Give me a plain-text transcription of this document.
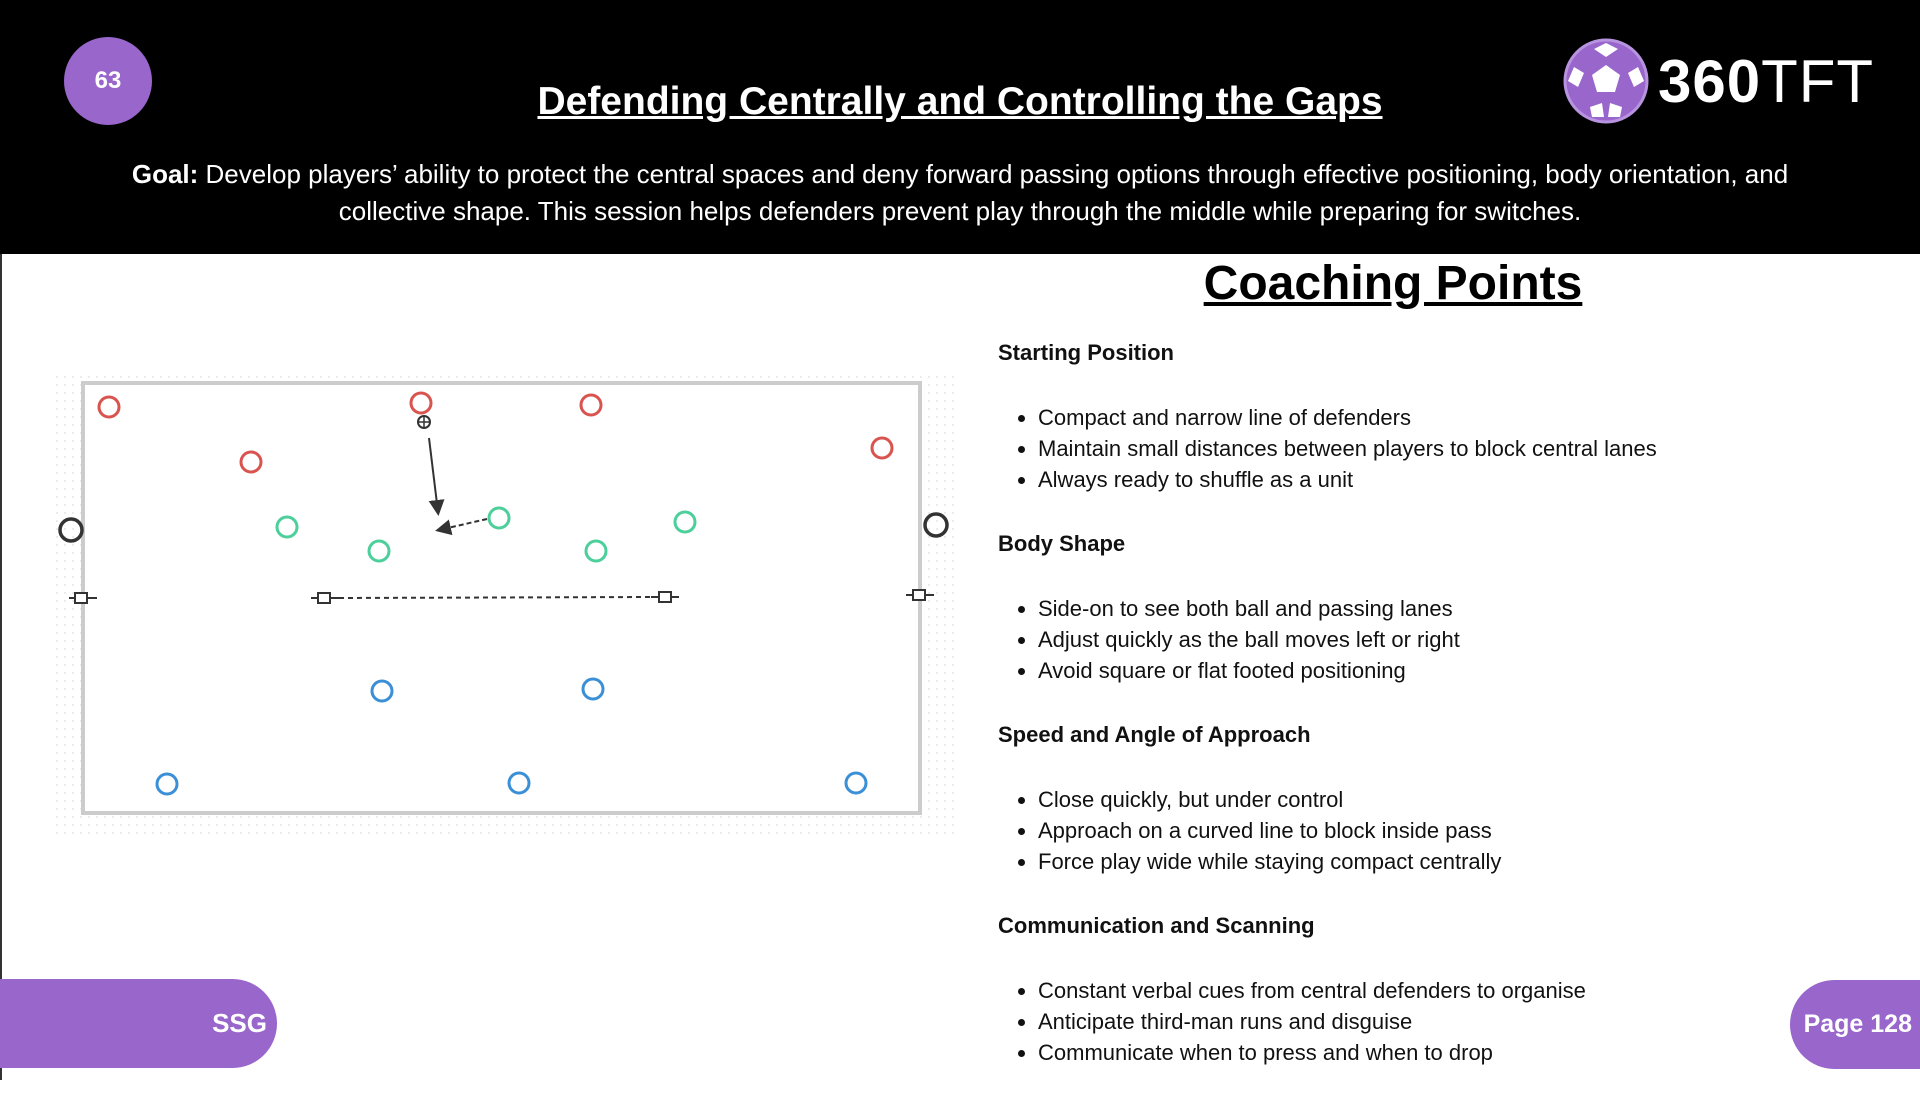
63	Defending Centrally and Controlling the Gaps
Goal: Develop players’ ability to protect the central spaces and deny forward passing options through effective positioning, body orientation, and collective shape. This session helps defenders prevent play through the middle while preparing for switches.
360TFT
Coaching Points
Starting Position
• Compact and narrow line of defenders
• Maintain small distances between players to block central lanes
• Always ready to shuffle as a unit
Body Shape
• Side-on to see both ball and passing lanes
• Adjust quickly as the ball moves left or right
• Avoid square or flat footed positioning
Speed and Angle of Approach
• Close quickly, but under control
• Approach on a curved line to block inside pass
• Force play wide while staying compact centrally
Communication and Scanning
• Constant verbal cues from central defenders to organise
• Anticipate third-man runs and disguise
• Communicate when to press and when to drop
SSG	Page 128
